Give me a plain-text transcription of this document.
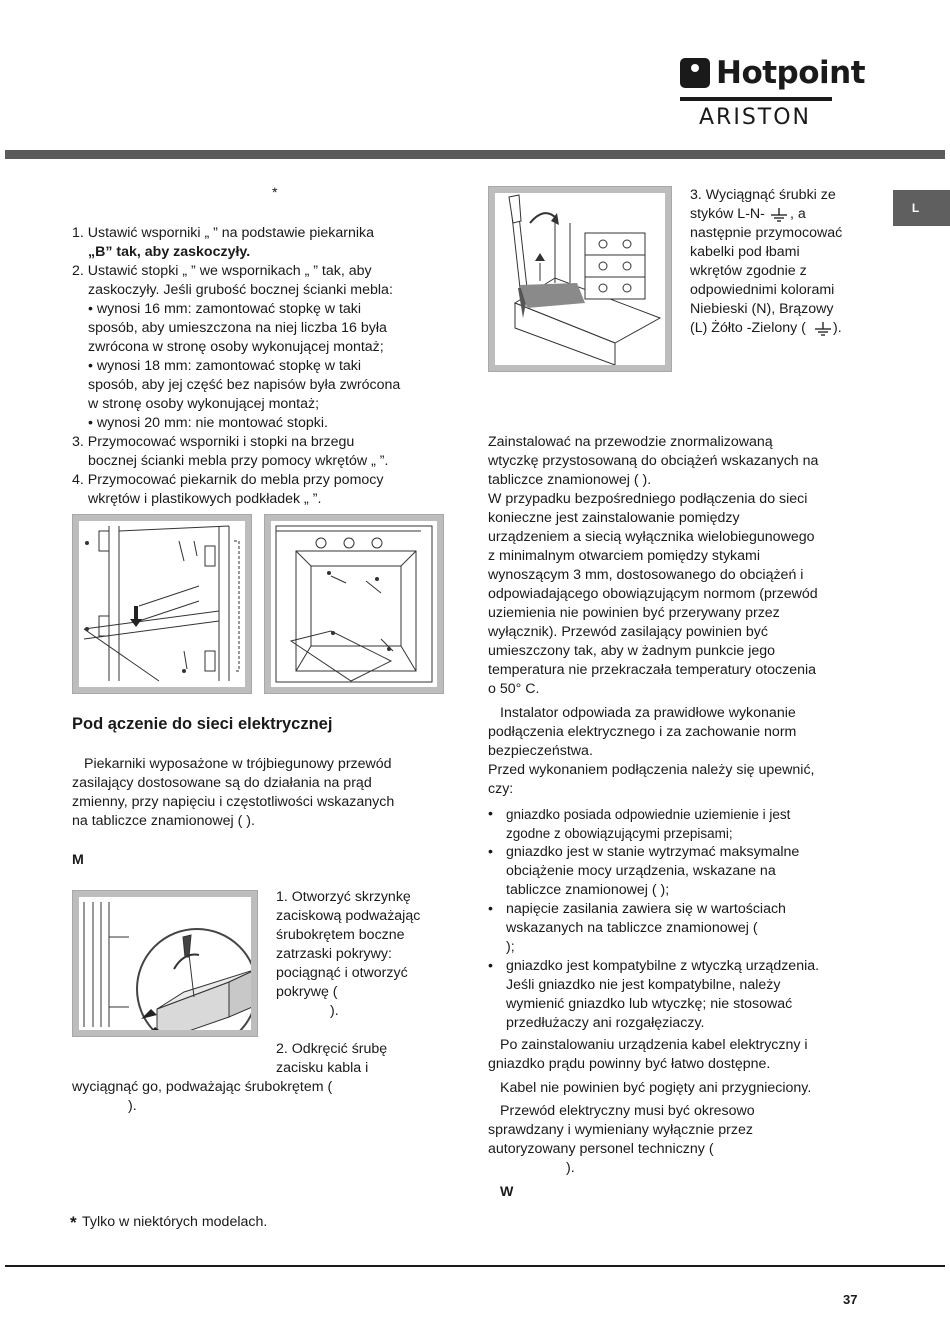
Hotpoint
ARISTON
L
*
1. Ustawić wsporniki „ ” na podstawie piekarnika
„B” tak, aby zaskoczyły.
2. Ustawić stopki „ ” we wspornikach „ ” tak, aby
zaskoczyły. Jeśli grubość bocznej ścianki mebla:
• wynosi 16 mm: zamontować stopkę w taki
sposób, aby umieszczona na niej liczba 16 była
zwrócona w stronę osoby wykonującej montaż;
• wynosi 18 mm: zamontować stopkę w taki
sposób, aby jej część bez napisów była zwrócona
w stronę osoby wykonującej montaż;
• wynosi 20 mm: nie montować stopki.
3. Przymocować wsporniki i stopki na brzegu
bocznej ścianki mebla przy pomocy wkrętów „ ”.
4. Przymocować piekarnik do mebla przy pomocy
wkrętów i plastikowych podkładek „ ”.
Pod ączenie do sieci elektrycznej
Piekarniki wyposażone w trójbiegunowy przewód
zasilający dostosowane są do działania na prąd
zmienny, przy napięciu i częstotliwości wskazanych
na tabliczce znamionowej ( ).
M
1. Otworzyć skrzynkę
zaciskową podważając
śrubokrętem boczne
zatrzaski pokrywy:
pociągnąć i otworzyć
pokrywę (
).
2. Odkręcić śrubę
zacisku kabla i
wyciągnąć go, podważając śrubokrętem (
).
* Tylko w niektórych modelach.
3. Wyciągnąć śrubki ze
styków L-N- , a
następnie przymocować
kabelki pod łbami
wkrętów zgodnie z
odpowiednimi kolorami
Niebieski (N), Brązowy
(L) Żółto -Zielony ( ).
Zainstalować na przewodzie znormalizowaną
wtyczkę przystosowaną do obciążeń wskazanych na
tabliczce znamionowej ( ).
W przypadku bezpośredniego podłączenia do sieci
konieczne jest zainstalowanie pomiędzy
urządzeniem a siecią wyłącznika wielobiegunowego
z minimalnym otwarciem pomiędzy stykami
wynoszącym 3 mm, dostosowanego do obciążeń i
odpowiadającego obowiązującym normom (przewód
uziemienia nie powinien być przerywany przez
wyłącznik). Przewód zasilający powinien być
umieszczony tak, aby w żadnym punkcie jego
temperatura nie przekraczała temperatury otoczenia
o 50° C.
Instalator odpowiada za prawidłowe wykonanie
podłączenia elektrycznego i za zachowanie norm
bezpieczeństwa.
Przed wykonaniem podłączenia należy się upewnić,
czy:
• gniazdko posiada odpowiednie uziemienie i jest
zgodne z obowiązującymi przepisami;
• gniazdko jest w stanie wytrzymać maksymalne
obciążenie mocy urządzenia, wskazane na
tabliczce znamionowej ( );
• napięcie zasilania zawiera się w wartościach
wskazanych na tabliczce znamionowej (
);
• gniazdko jest kompatybilne z wtyczką urządzenia.
Jeśli gniazdko nie jest kompatybilne, należy
wymienić gniazdko lub wtyczkę; nie stosować
przedłużaczy ani rozgałęziaczy.
Po zainstalowaniu urządzenia kabel elektryczny i
gniazdko prądu powinny być łatwo dostępne.
Kabel nie powinien być pogięty ani przygnieciony.
Przewód elektryczny musi być okresowo
sprawdzany i wymieniany wyłącznie przez
autoryzowany personel techniczny (
).
W
37
